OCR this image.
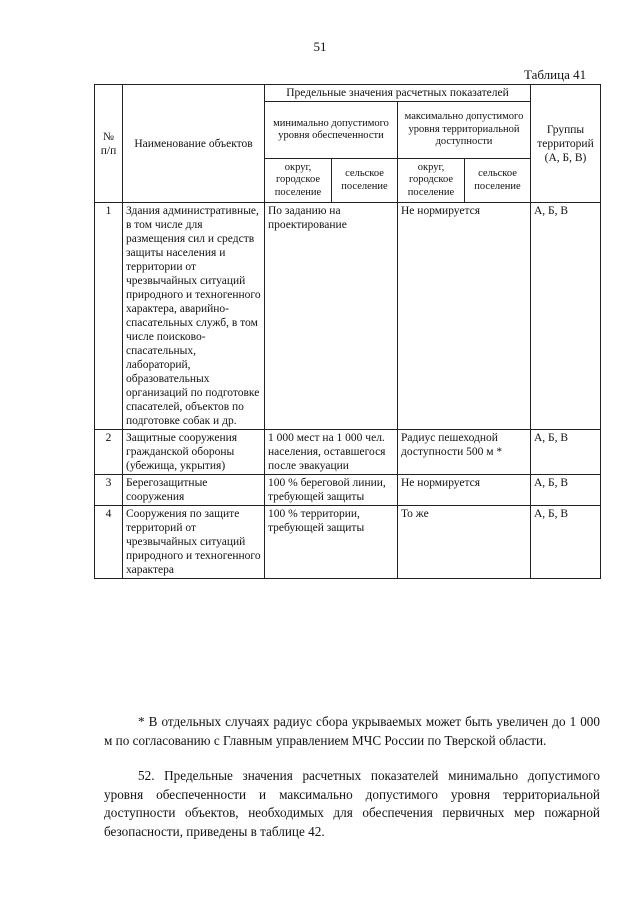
51
Таблица 41
№ п/п	Наименование объектов	Предельные значения расчетных показателей				Группы территорий (А, Б, В)
		минимально допустимого уровня обеспеченности		максимально допустимого уровня территориальной доступности		
		округ, городское поселение	сельское поселение	округ, городское поселение	сельское поселение	
1	Здания административные, в том числе для размещения сил и средств защиты населения и территории от чрезвычайных ситуаций природного и техногенного характера, аварийно-спасательных служб, в том числе поисково-спасательных, лабораторий, образовательных организаций по подготовке спасателей, объектов по подготовке собак и др.	По заданию на проектирование		Не нормируется		А, Б, В
2	Защитные сооружения гражданской обороны (убежища, укрытия)	1 000 мест на 1 000 чел. населения, оставшегося после эвакуации		Радиус пешеходной доступности 500 м *		А, Б, В
3	Берегозащитные сооружения	100 % береговой линии, требующей защиты		Не нормируется		А, Б, В
4	Сооружения по защите территорий от чрезвычайных ситуаций природного и техногенного характера	100 % территории, требующей защиты		То же		А, Б, В
* В отдельных случаях радиус сбора укрываемых может быть увеличен до 1 000 м по согласованию с Главным управлением МЧС России по Тверской области.
52. Предельные значения расчетных показателей минимально допустимого уровня обеспеченности и максимально допустимого уровня территориальной доступности объектов, необходимых для обеспечения первичных мер пожарной безопасности, приведены в таблице 42.
